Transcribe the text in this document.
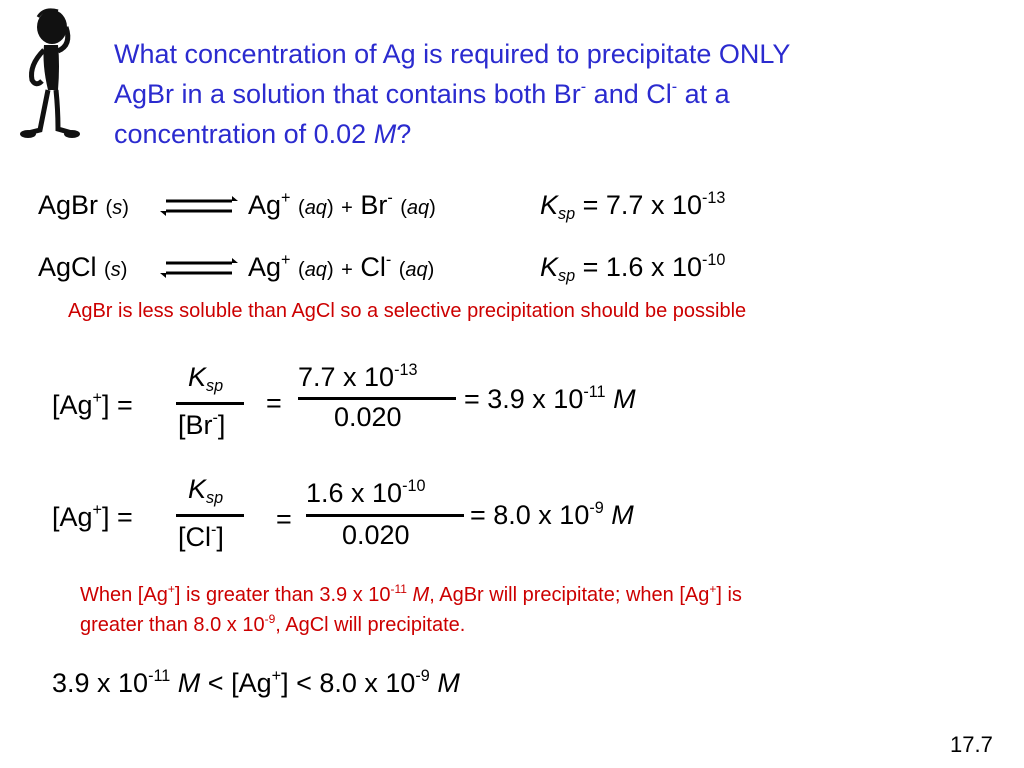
What concentration of Ag is required to precipitate ONLY
AgBr in a solution that contains both Br- and Cl- at a
concentration of 0.02 M?
AgBr (s)	Ag+ (aq) + Br- (aq)	$K_{sp} = 7.7$ x $10^{-13}$
AgCl (s)	Ag+ (aq) + Cl- (aq)	$K_{sp} = 1.6$ x $10^{-10}$
AgBr is less soluble than AgCl so a selective precipitation should be possible
[Ag+] =
$K_{sp}$
[Br-]
=
7.7 x $10^{-13}$
0.020
= 3.9 x $10^{-11}$ M
[Ag+] =
$K_{sp}$
[Cl-]
=
1.6 x $10^{-10}$
0.020
= 8.0 x $10^{-9}$ M
When [Ag+] is greater than 3.9 x $10^{-11}$ M, AgBr will precipitate; when [Ag+] is
greater than 8.0 x $10^{-9}$, AgCl will precipitate.
3.9 x $10^{-11}$ M < [Ag+] < 8.0 x $10^{-9}$ M
17.7
